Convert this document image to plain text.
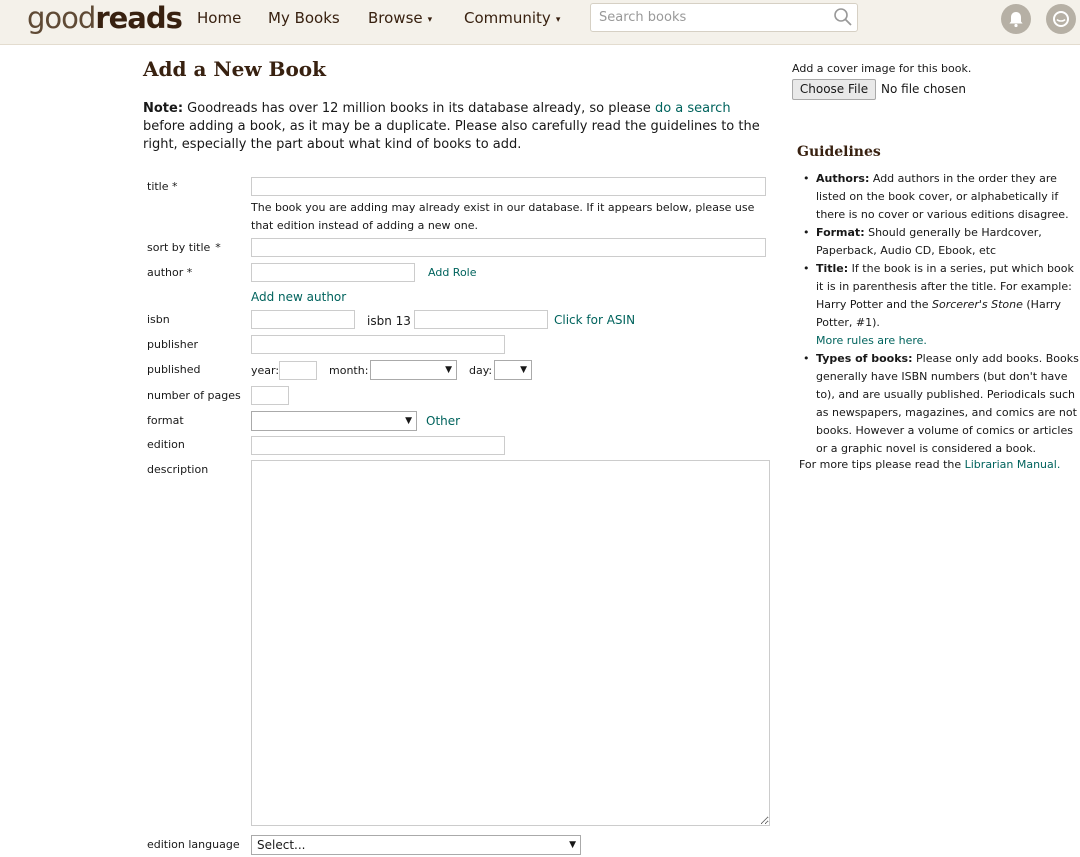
goodreads Home My Books Browse ▾ Community ▾
Search books
Add a New Book
Note: Goodreads has over 12 million books in its database already, so please do a search before adding a book, as it may be a duplicate. Please also carefully read the guidelines to the right, especially the part about what kind of books to add.
title *
The book you are adding may already exist in our database. If it appears below, please use that edition instead of adding a new one.
sort by title *
author *	Add Role
Add new author
isbn	isbn 13	Click for ASIN
publisher
published	year:	month:	▼ day:	▼
number of pages
format	▼ Other
edition
description
edition language	Select...	▼
Add a cover image for this book.
Choose File	No file chosen
Guidelines
• Authors: Add authors in the order they are listed on the book cover, or alphabetically if there is no cover or various editions disagree.
• Format: Should generally be Hardcover, Paperback, Audio CD, Ebook, etc
• Title: If the book is in a series, put which book it is in parenthesis after the title. For example: Harry Potter and the Sorcerer's Stone (Harry Potter, #1).
More rules are here.
• Types of books: Please only add books. Books generally have ISBN numbers (but don't have to), and are usually published. Periodicals such as newspapers, magazines, and comics are not books. However a volume of comics or articles or a graphic novel is considered a book.
For more tips please read the Librarian Manual.
